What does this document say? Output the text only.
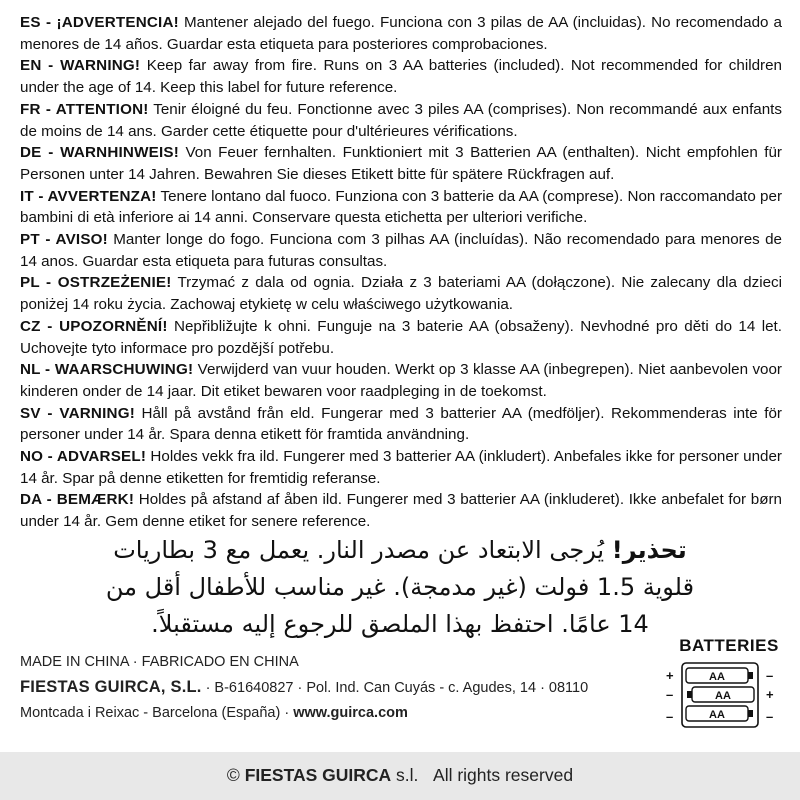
ES - ¡ADVERTENCIA! Mantener alejado del fuego. Funciona con 3 pilas de AA (incluidas). No recomendado a menores de 14 años. Guardar esta etiqueta para posteriores comprobaciones.

EN - WARNING! Keep far away from fire. Runs on 3 AA batteries (included). Not recommended for children under the age of 14. Keep this label for future reference.

FR - ATTENTION! Tenir éloigné du feu. Fonctionne avec 3 piles AA (comprises). Non recommandé aux enfants de moins de 14 ans. Garder cette étiquette pour d'ultérieures vérifications.

DE - WARNHINWEIS! Von Feuer fernhalten. Funktioniert mit 3 Batterien AA (enthalten). Nicht empfohlen für Personen unter 14 Jahren. Bewahren Sie dieses Etikett bitte für spätere Rückfragen auf.

IT - AVVERTENZA! Tenere lontano dal fuoco. Funziona con 3 batterie da AA (comprese). Non raccomandato per bambini di età inferiore ai 14 anni. Conservare questa etichetta per ulteriori verifiche.

PT - AVISO! Manter longe do fogo. Funciona com 3 pilhas AA (incluídas). Não recomendado para menores de 14 anos. Guardar esta etiqueta para futuras consultas.

PL - OSTRZEŻENIE! Trzymać z dala od ognia. Działa z 3 bateriami AA (dołączone). Nie zalecany dla dzieci poniżej 14 roku życia. Zachowaj etykietę w celu właściwego użytkowania.

CZ - UPOZORNĚNÍ! Nepřibližujte k ohni. Funguje na 3 baterie AA (obsaženy). Nevhodné pro děti do 14 let. Uchovejte tyto informace pro pozdější potřebu.

NL - WAARSCHUWING! Verwijderd van vuur houden. Werkt op 3 klasse AA (inbegrepen). Niet aanbevolen voor kinderen onder de 14 jaar. Dit etiket bewaren voor raadpleging in de toekomst.

SV - VARNING! Håll på avstånd från eld. Fungerar med 3 batterier AA (medföljer). Rekommenderas inte för personer under 14 år. Spara denna etikett för framtida användning.

NO - ADVARSEL! Holdes vekk fra ild. Fungerer med 3 batterier AA (inkludert). Anbefales ikke for personer under 14 år. Spar på denne etiketten for fremtidig referanse.

DA - BEMÆRK! Holdes på afstand af åben ild. Fungerer med 3 batterier AA (inkluderet). Ikke anbefalet for børn under 14 år. Gem denne etiket for senere reference.

تحذير! يُرجى الابتعاد عن مصدر النار. يعمل مع 3 بطاريات قلوية 1.5 فولت (غير مدمجة). غير مناسب للأطفال أقل من 14 عامًا. احتفظ بهذا الملصق للرجوع إليه مستقبلاً.

MADE IN CHINA · FABRICADO EN CHINA

FIESTAS GUIRCA, S.L. · B-61640827 · Pol. Ind. Can Cuyás - c. Agudes, 14 · 08110

Montcada i Reixac - Barcelona (España) · www.guirca.com

BATTERIES
AA
AA
AA
+
–
–
–
+
–
© FIESTAS GUIRCA s.l. All rights reserved
